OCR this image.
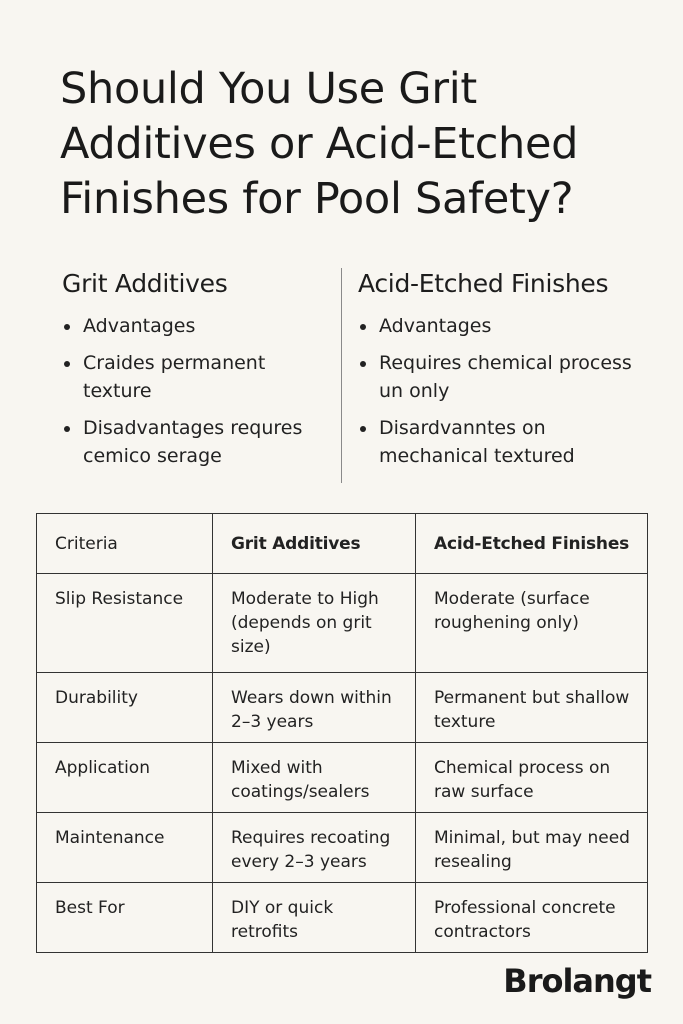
Should You Use Grit Additives or Acid-Etched Finishes for Pool Safety?
Grit Additives
Advantages
Craides permanent texture
Disadvantages requres cemico serage
Acid-Etched Finishes
Advantages
Requires chemical process un only
Disardvanntes on mechanical textured
Criteria	Grit Additives	Acid-Etched Finishes
Slip Resistance	Moderate to High (depends on grit size)	Moderate (surface roughening only)
Durability	Wears down within 2–3 years	Permanent but shallow texture
Application	Mixed with coatings/sealers	Chemical process on raw surface
Maintenance	Requires recoating every 2–3 years	Minimal, but may need resealing
Best For	DIY or quick retrofits	Professional concrete contractors
Brolangt
